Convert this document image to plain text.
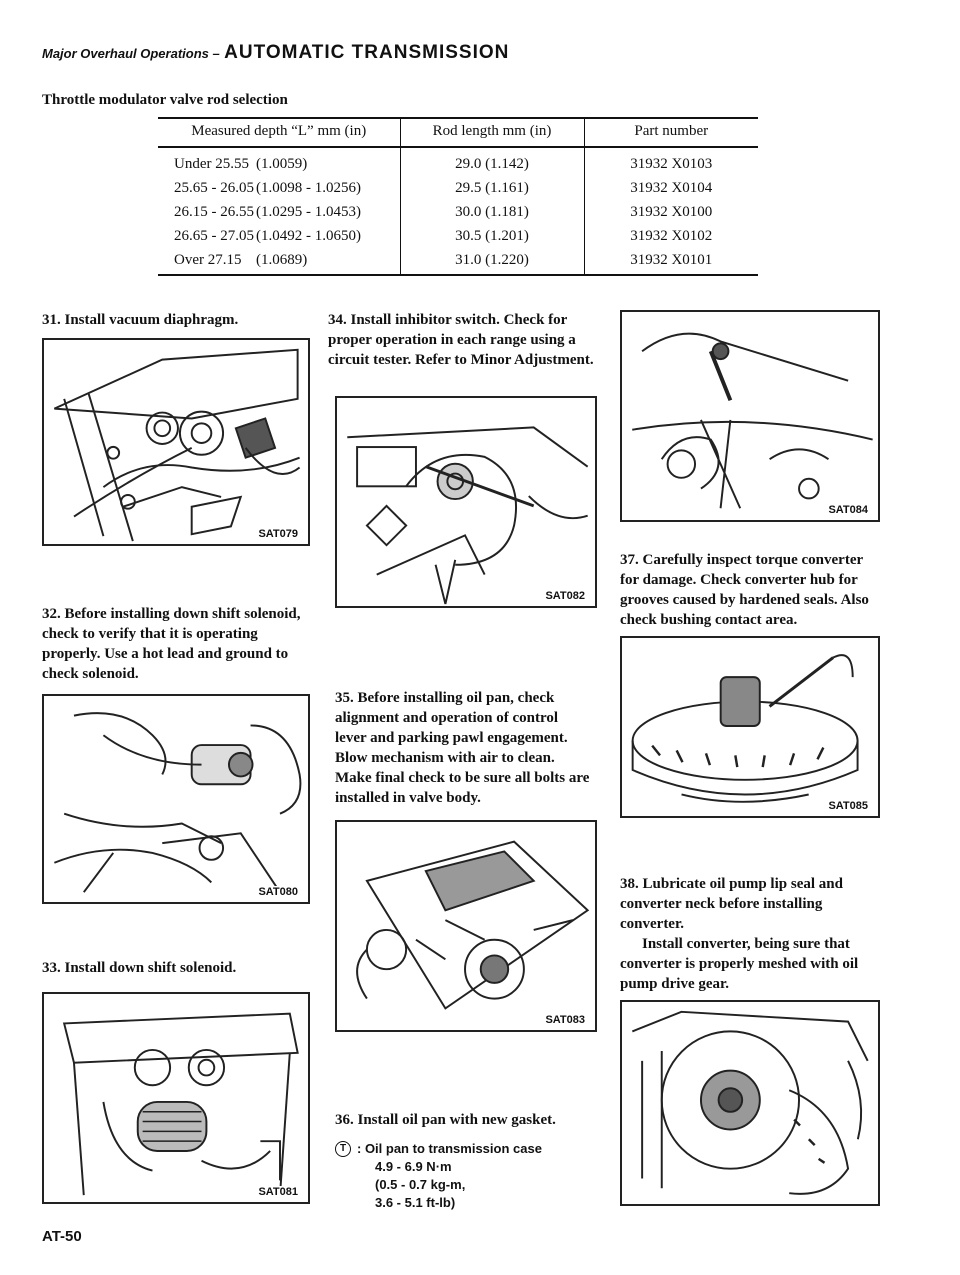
Major Overhaul Operations – AUTOMATIC TRANSMISSION
Throttle modulator valve rod selection
Measured depth “L” mm (in)	Rod length mm (in)	Part number
Under 25.55 (1.0059)	29.0 (1.142)	31932 X0103
25.65 - 26.05 (1.0098 - 1.0256)	29.5 (1.161)	31932 X0104
26.15 - 26.55 (1.0295 - 1.0453)	30.0 (1.181)	31932 X0100
26.65 - 27.05 (1.0492 - 1.0650)	30.5 (1.201)	31932 X0102
Over 27.15 (1.0689)	31.0 (1.220)	31932 X0101
31. Install vacuum diaphragm.
SAT079
32. Before installing down shift solenoid, check to verify that it is operating properly. Use a hot lead and ground to check solenoid.
SAT080
33. Install down shift solenoid.
SAT081
34. Install inhibitor switch. Check for proper operation in each range using a circuit tester. Refer to Minor Adjustment.
SAT082
35. Before installing oil pan, check alignment and operation of control lever and parking pawl engagement. Blow mechanism with air to clean. Make final check to be sure all bolts are installed in valve body.
SAT083
36. Install oil pan with new gasket.
T : Oil pan to transmission case
4.9 - 6.9 N·m
(0.5 - 0.7 kg-m,
3.6 - 5.1 ft-lb)
SAT084
37. Carefully inspect torque converter for damage. Check converter hub for grooves caused by hardened seals. Also check bushing contact area.
SAT085

38. Lubricate oil pump lip seal and converter neck before installing converter.

Install converter, being sure that converter is properly meshed with oil pump drive gear.

AT-50
